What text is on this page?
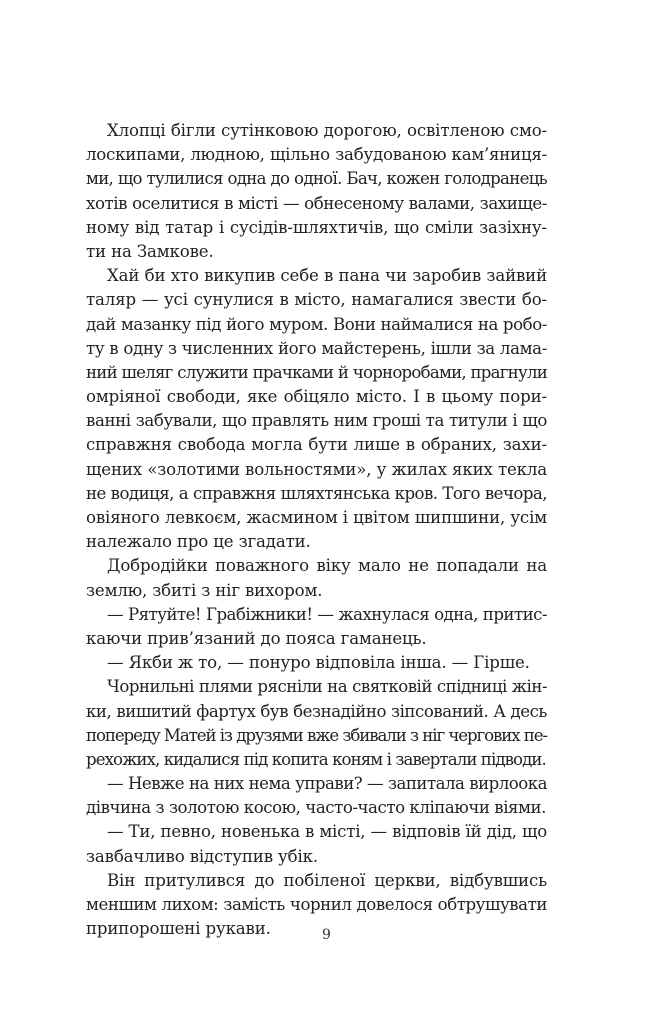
Хлопці бігли сутінковою дорогою, освітленою смо-
лоскипами, людною, щільно забудованою кам’яниця-
ми, що тулилися одна до одної. Бач, кожен голодранець
хотів оселитися в місті — обнесеному валами, захище-
ному від татар і сусідів-шляхтичів, що сміли зазіхну-
ти на Замкове.
Хай би хто викупив себе в пана чи заробив зайвий
таляр — усі сунулися в місто, намагалися звести бо-
дай мазанку під його муром. Вони наймалися на робо-
ту в одну з численних його майстерень, ішли за лама-
ний шеляг служити прачками й чорноробами, прагнули
омріяної свободи, яке обіцяло місто. І в цьому пори-
ванні забували, що правлять ним гроші та титули і що
справжня свобода могла бути лише в обраних, захи-
щених «золотими вольностями», у жилах яких текла
не водиця, а справжня шляхтянська кров. Того вечора,
овіяного левкоєм, жасмином і цвітом шипшини, усім
належало про це згадати.
Добродійки поважного віку мало не попадали на
землю, збиті з ніг вихором.
— Рятуйте! Грабіжники! — жахнулася одна, притис-
каючи прив’язаний до пояса гаманець.
— Якби ж то, — понуро відповіла інша. — Гірше.
Чорнильні плями рясніли на святковій спідниці жін-
ки, вишитий фартух був безнадійно зіпсований. А десь
попереду Матей із друзями вже збивали з ніг чергових пе-
рехожих, кидалися під копита коням і завертали підводи.
— Невже на них нема управи? — запитала вирлоока
дівчина з золотою косою, часто-часто кліпаючи віями.
— Ти, певно, новенька в місті, — відповів їй дід, що
завбачливо відступив убік.
Він притулився до побіленої церкви, відбувшись
меншим лихом: замість чорнил довелося обтрушувати
припорошені рукави.	9
